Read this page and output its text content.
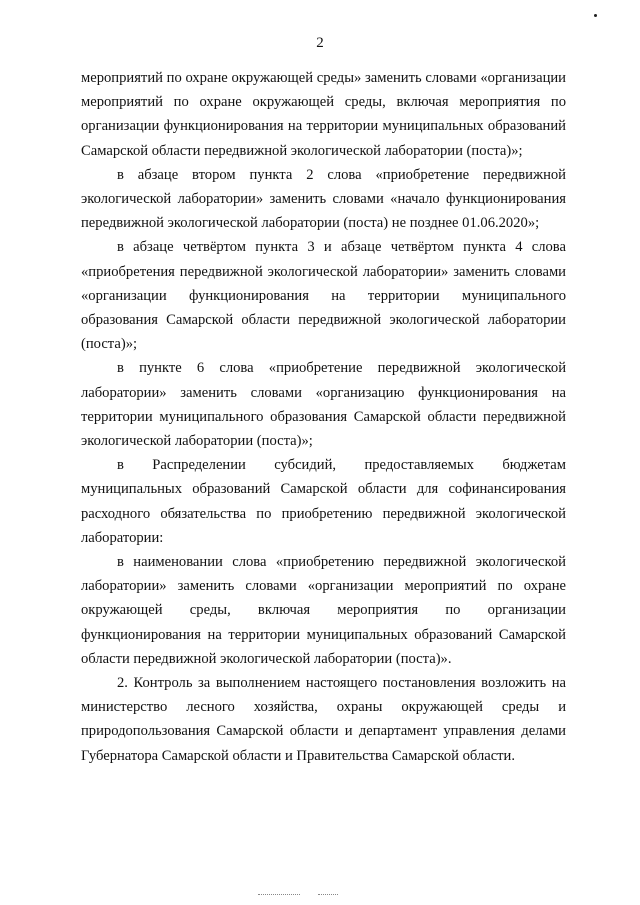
2

мероприятий по охране окружающей среды» заменить словами «организации мероприятий по охране окружающей среды, включая мероприятия по организации функционирования на территории муниципальных образований Самарской области передвижной экологической лаборатории (поста)»;

в абзаце втором пункта 2 слова «приобретение передвижной экологической лаборатории» заменить словами «начало функционирования передвижной экологической лаборатории (поста) не позднее 01.06.2020»;

в абзаце четвёртом пункта 3 и абзаце четвёртом пункта 4 слова «приобретения передвижной экологической лаборатории» заменить словами «организации функционирования на территории муниципального образования Самарской области передвижной экологической лаборатории (поста)»;

в пункте 6 слова «приобретение передвижной экологической лаборатории» заменить словами «организацию функционирования на территории муниципального образования Самарской области передвижной экологической лаборатории (поста)»;

в Распределении субсидий, предоставляемых бюджетам муниципальных образований Самарской области для софинансирования расходного обязательства по приобретению передвижной экологической лаборатории:

в наименовании слова «приобретению передвижной экологической лаборатории» заменить словами «организации мероприятий по охране окружающей среды, включая мероприятия по организации функционирования на территории муниципальных образований Самарской области передвижной экологической лаборатории (поста)».

2. Контроль за выполнением настоящего постановления возложить на министерство лесного хозяйства, охраны окружающей среды и природопользования Самарской области и департамент управления делами Губернатора Самарской области и Правительства Самарской области.
